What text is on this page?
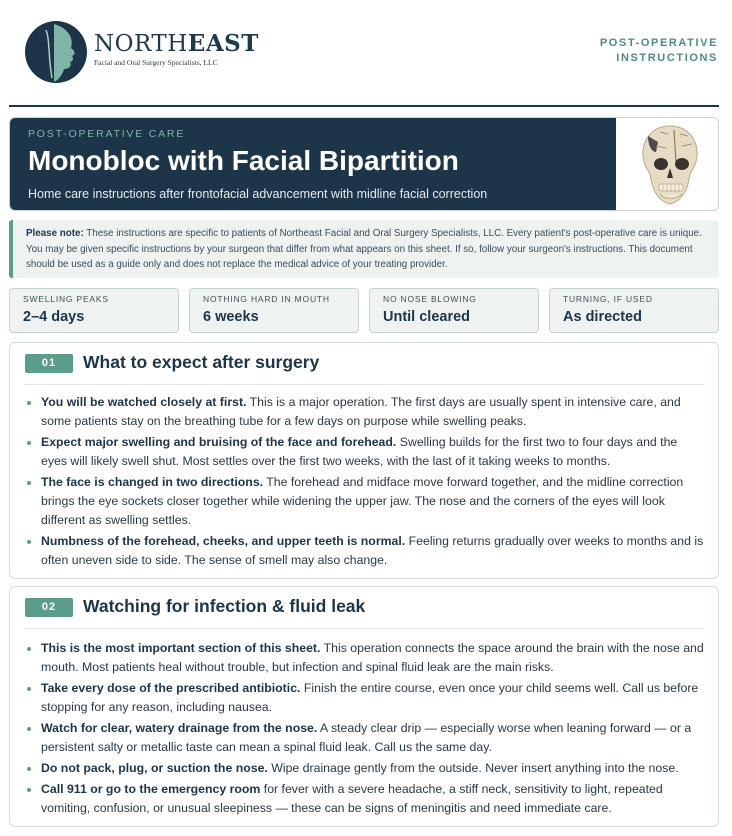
NORTHEAST
Facial and Oral Surgery Specialists, LLC
POST-OPERATIVE
INSTRUCTIONS
POST-OPERATIVE CARE
Monobloc with Facial Bipartition
Home care instructions after frontofacial advancement with midline facial correction
Please note: These instructions are specific to patients of Northeast Facial and Oral Surgery Specialists, LLC. Every patient's post-operative care is unique. You may be given specific instructions by your surgeon that differ from what appears on this sheet. If so, follow your surgeon's instructions. This document should be used as a guide only and does not replace the medical advice of your treating provider.
SWELLING PEAKS
2–4 days
NOTHING HARD IN MOUTH
6 weeks
NO NOSE BLOWING
Until cleared
TURNING, IF USED
As directed
01	What to expect after surgery
You will be watched closely at first. This is a major operation. The first days are usually spent in intensive care, and some patients stay on the breathing tube for a few days on purpose while swelling peaks.
Expect major swelling and bruising of the face and forehead. Swelling builds for the first two to four days and the eyes will likely swell shut. Most settles over the first two weeks, with the last of it taking weeks to months.
The face is changed in two directions. The forehead and midface move forward together, and the midline correction brings the eye sockets closer together while widening the upper jaw. The nose and the corners of the eyes will look different as swelling settles.
Numbness of the forehead, cheeks, and upper teeth is normal. Feeling returns gradually over weeks to months and is often uneven side to side. The sense of smell may also change.
02	Watching for infection & fluid leak
This is the most important section of this sheet. This operation connects the space around the brain with the nose and mouth. Most patients heal without trouble, but infection and spinal fluid leak are the main risks.
Take every dose of the prescribed antibiotic. Finish the entire course, even once your child seems well. Call us before stopping for any reason, including nausea.
Watch for clear, watery drainage from the nose. A steady clear drip — especially worse when leaning forward — or a persistent salty or metallic taste can mean a spinal fluid leak. Call us the same day.
Do not pack, plug, or suction the nose. Wipe drainage gently from the outside. Never insert anything into the nose.
Call 911 or go to the emergency room for fever with a severe headache, a stiff neck, sensitivity to light, repeated vomiting, confusion, or unusual sleepiness — these can be signs of meningitis and need immediate care.
